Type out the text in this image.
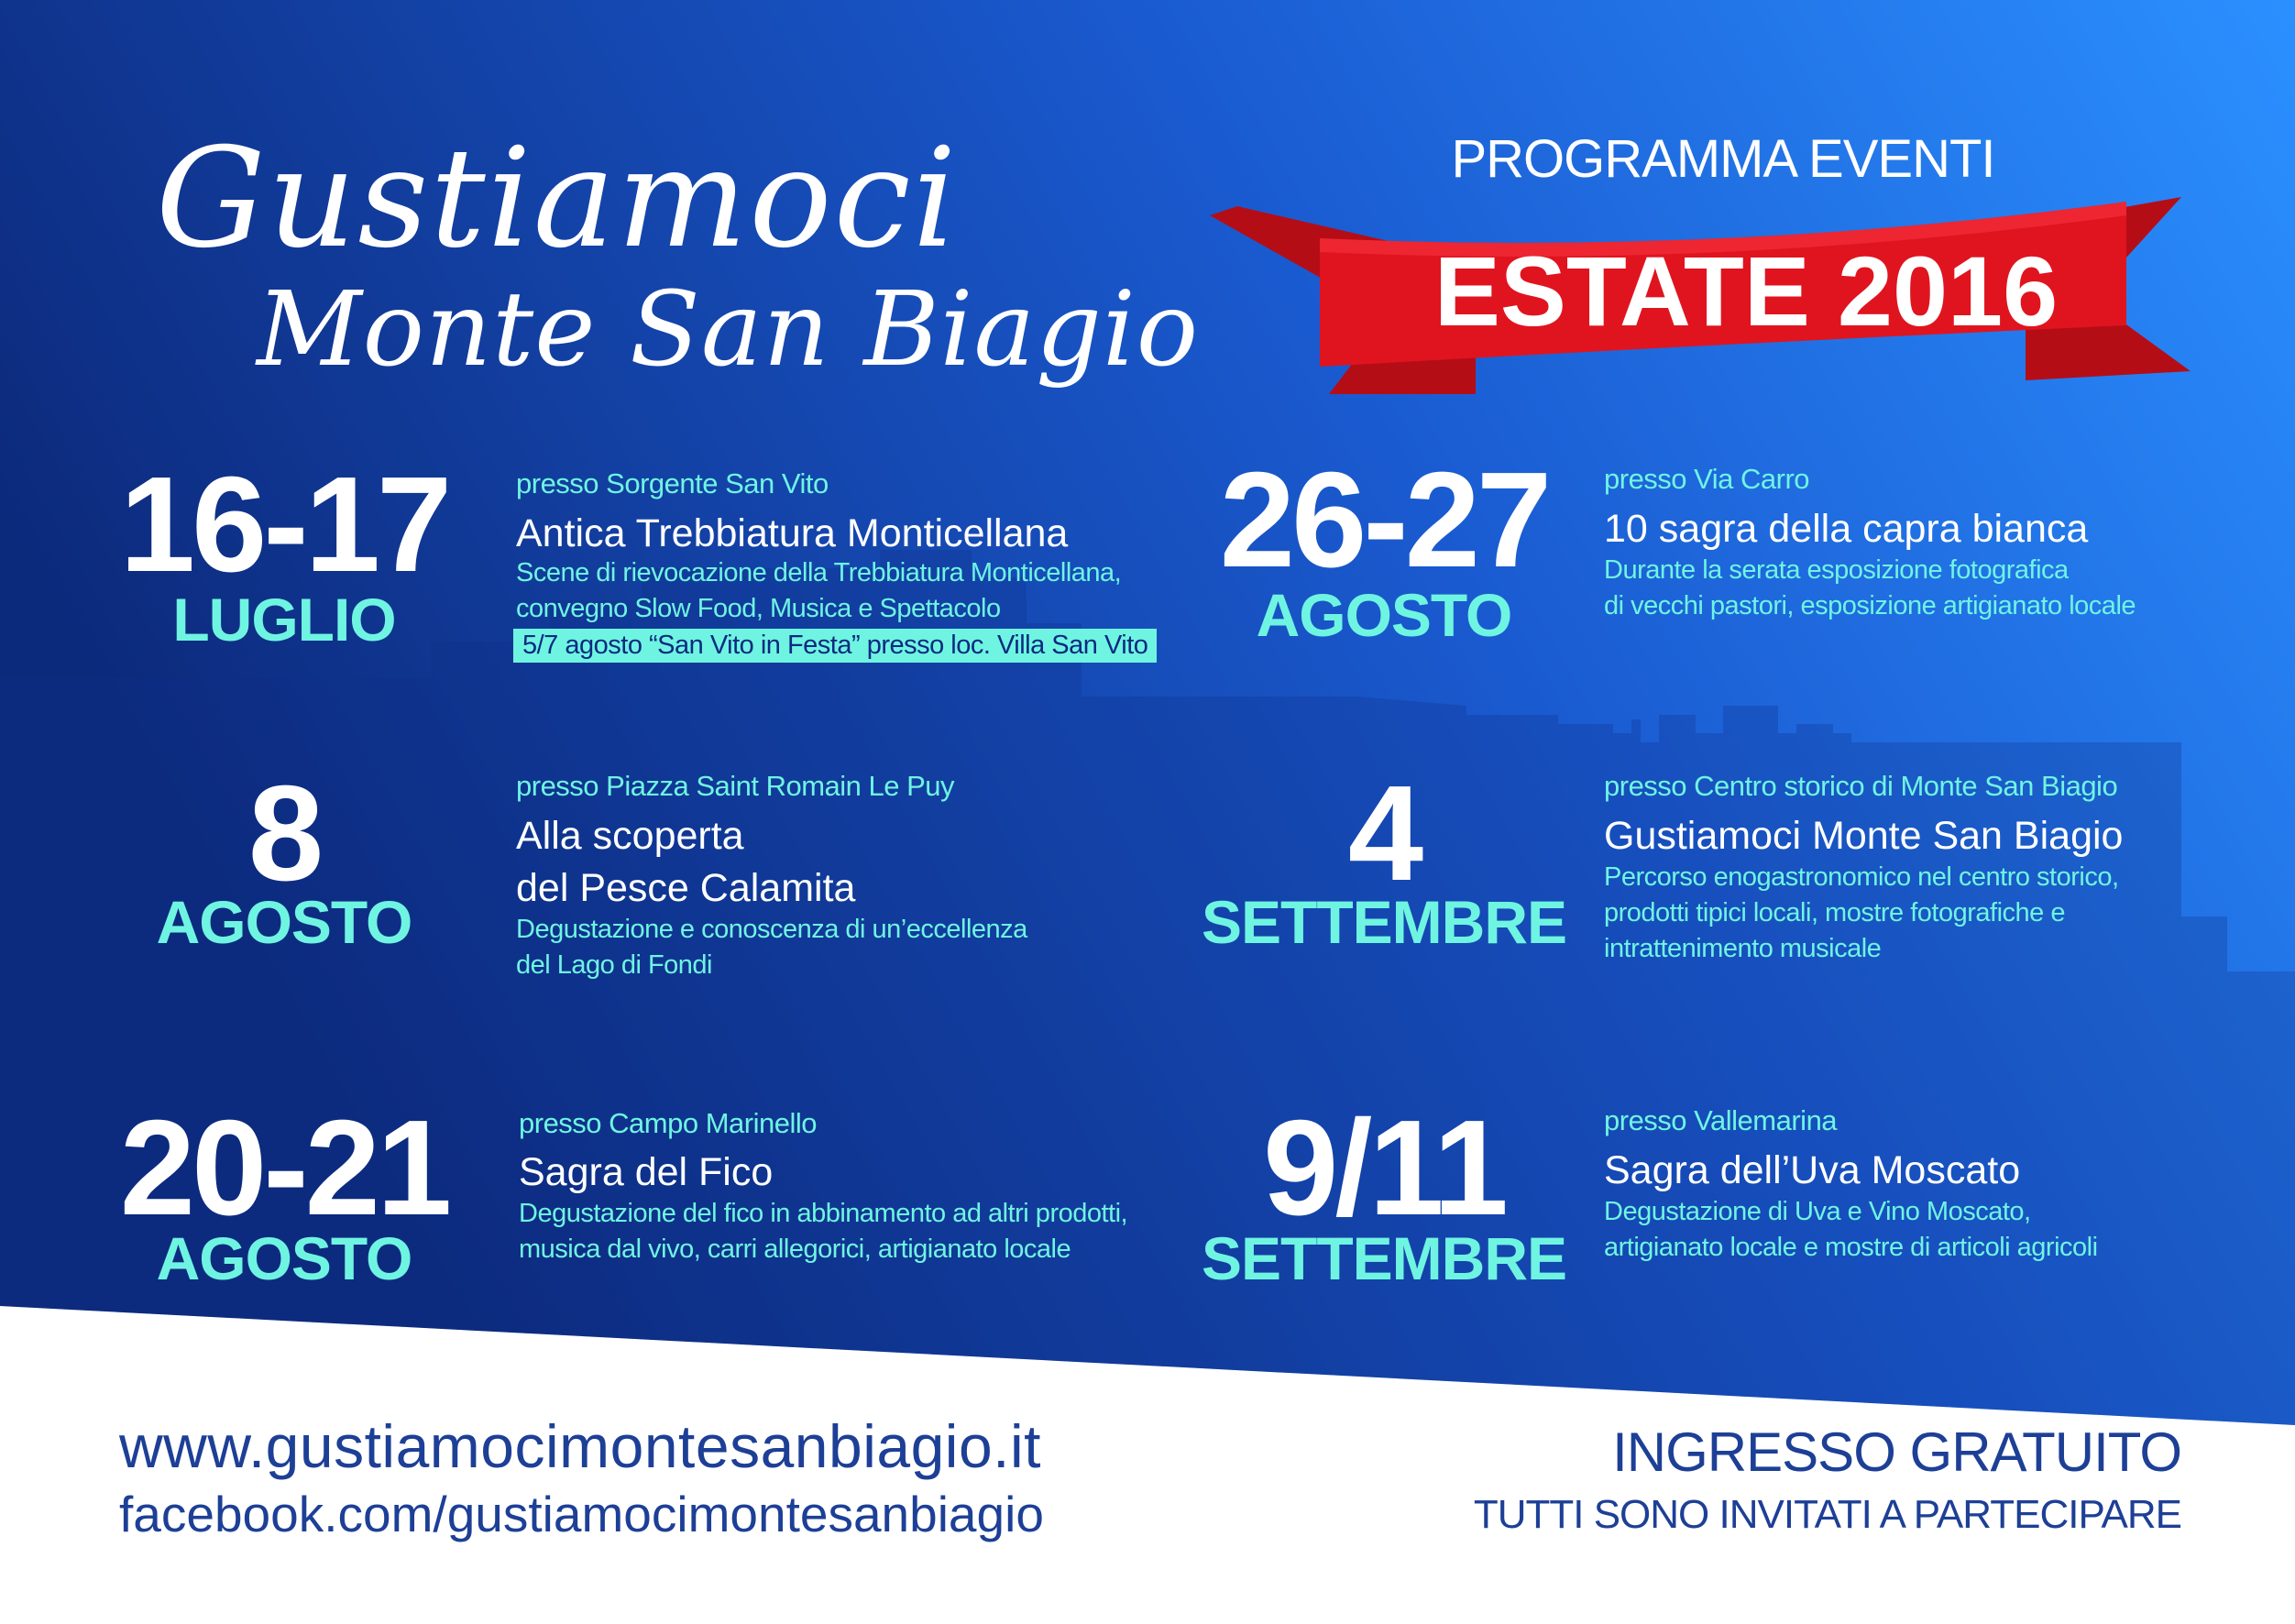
Gustiamoci
Monte San Biagio
PROGRAMMA EVENTI
ESTATE 2016
16-17
LUGLIO
presso Sorgente San Vito
Antica Trebbiatura Monticellana
Scene di rievocazione della Trebbiatura Monticellana,
convegno Slow Food, Musica e Spettacolo
5/7 agosto “San Vito in Festa” presso loc. Villa San Vito
26-27
AGOSTO
presso Via Carro
10 sagra della capra bianca
Durante la serata esposizione fotografica
di vecchi pastori, esposizione artigianato locale
8
AGOSTO
presso Piazza Saint Romain Le Puy
Alla scoperta
del Pesce Calamita
Degustazione e conoscenza di un’eccellenza
del Lago di Fondi
4
SETTEMBRE
presso Centro storico di Monte San Biagio
Gustiamoci Monte San Biagio
Percorso enogastronomico nel centro storico,
prodotti tipici locali, mostre fotografiche e
intrattenimento musicale
20-21
AGOSTO
presso Campo Marinello
Sagra del Fico
Degustazione del fico in abbinamento ad altri prodotti,
musica dal vivo, carri allegorici, artigianato locale
9/11
SETTEMBRE
presso Vallemarina
Sagra dell’Uva Moscato
Degustazione di Uva e Vino Moscato,
artigianato locale e mostre di articoli agricoli
www.gustiamocimontesanbiagio.it
facebook.com/gustiamocimontesanbiagio
INGRESSO GRATUITO
TUTTI SONO INVITATI A PARTECIPARE
